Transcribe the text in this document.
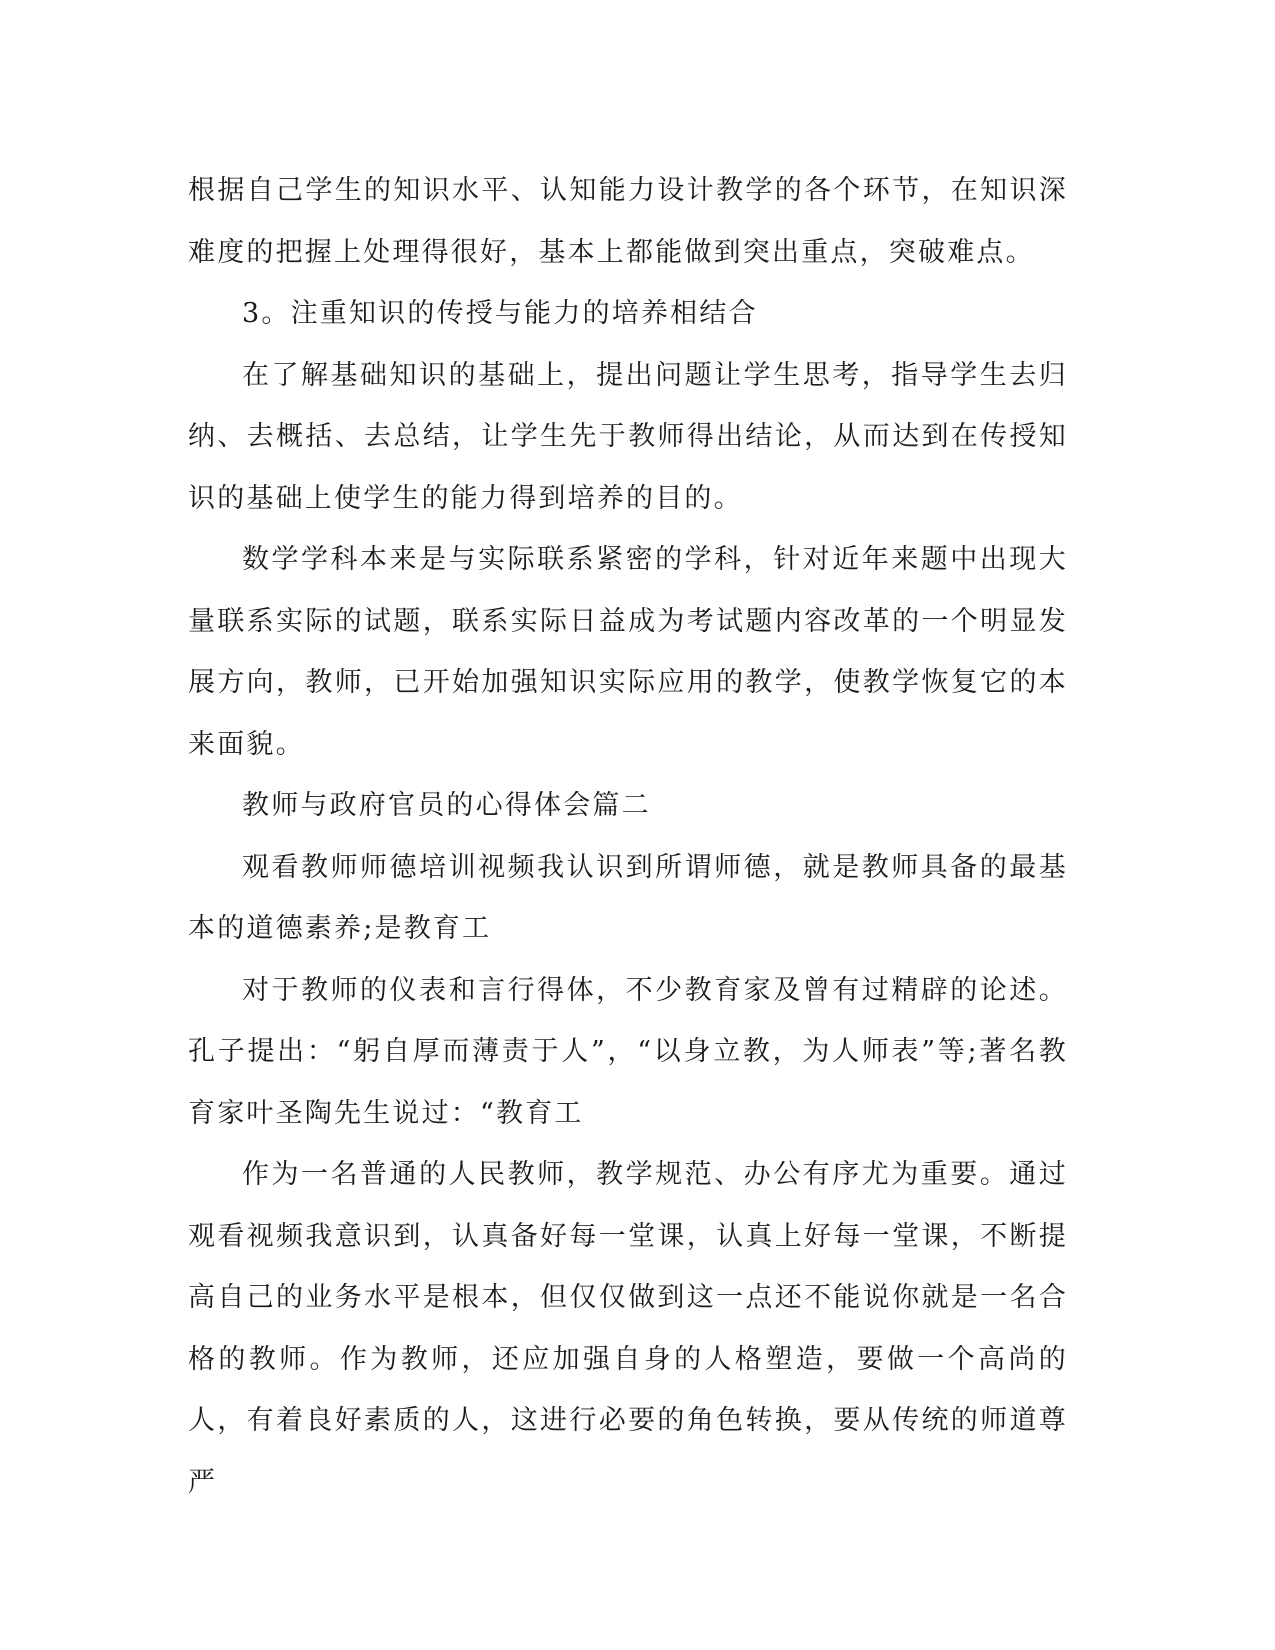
根据自己学生的知识水平、认知能力设计教学的各个环节，在知识深难度的把握上处理得很好，基本上都能做到突出重点，突破难点。

3。注重知识的传授与能力的培养相结合

在了解基础知识的基础上，提出问题让学生思考，指导学生去归纳、去概括、去总结，让学生先于教师得出结论，从而达到在传授知识的基础上使学生的能力得到培养的目的。

数学学科本来是与实际联系紧密的学科，针对近年来题中出现大量联系实际的试题，联系实际日益成为考试题内容改革的一个明显发展方向，教师，已开始加强知识实际应用的教学，使教学恢复它的本来面貌。

教师与政府官员的心得体会篇二

观看教师师德培训视频我认识到所谓师德，就是教师具备的最基本的道德素养;是教育工

对于教师的仪表和言行得体，不少教育家及曾有过精辟的论述。孔子提出：“躬自厚而薄责于人”，“以身立教，为人师表”等;著名教育家叶圣陶先生说过：“教育工

作为一名普通的人民教师，教学规范、办公有序尤为重要。通过观看视频我意识到，认真备好每一堂课，认真上好每一堂课，不断提高自己的业务水平是根本，但仅仅做到这一点还不能说你就是一名合格的教师。作为教师，还应加强自身的人格塑造，要做一个高尚的人，有着良好素质的人，这进行必要的角色转换，要从传统的师道尊严
